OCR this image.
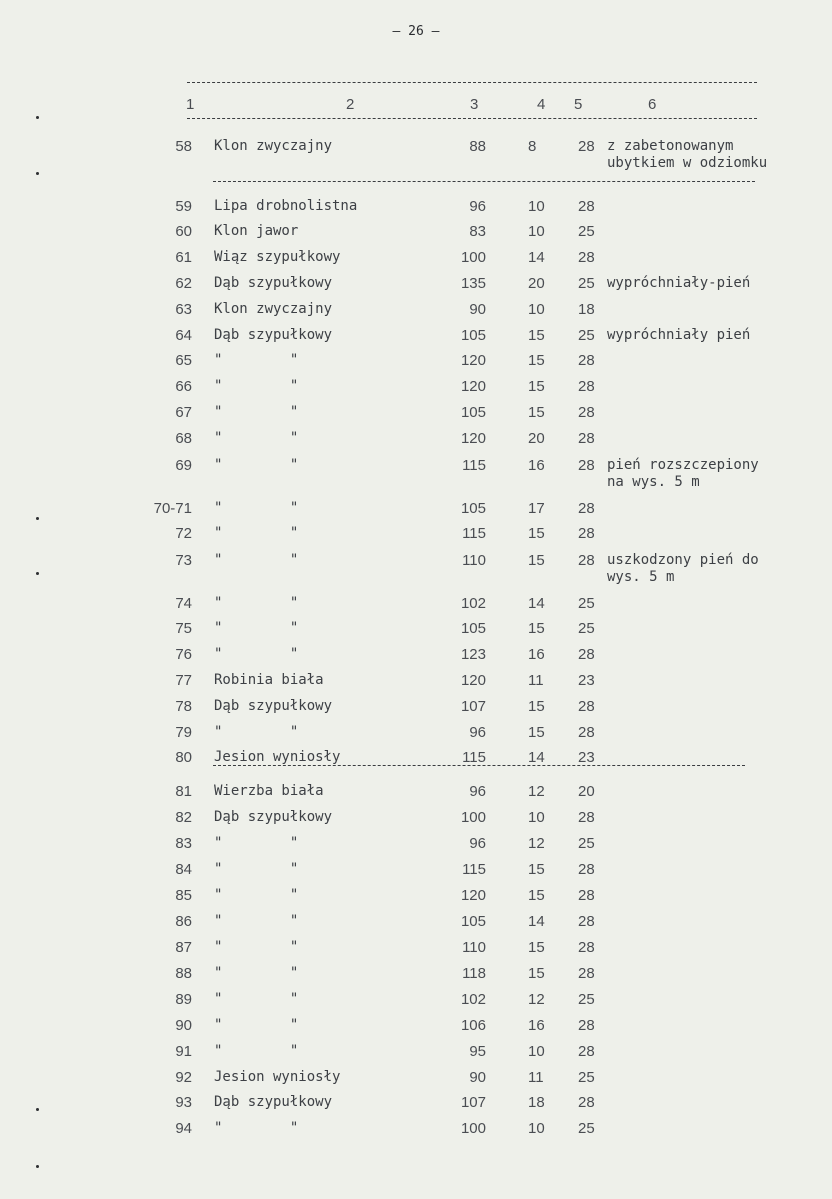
– 26 –
1	2	3	4 5	6
58 Klon zwyczajny	88	8	28 z zabetonowanym
ubytkiem w odziomku
59 Lipa drobnolistna	96	10 28
60 Klon jawor	83	10 25
61 Wiąz szypułkowy	100	14 28
62 Dąb szypułkowy	135	20 25 wypróchniały-pień
63 Klon zwyczajny	90	10 18
64 Dąb szypułkowy	105	15 25 wypróchniały pień
65 "        "	120	15 28
66 "        "	120	15 28
67 "        "	105	15 28
68 "        "	120	20 28
69 "        "	115	16 28 pień rozszczepiony
na wys. 5 m
70-71 "        "	105	17 28
72 "        "	115	15 28
73 "        "	110	15 28 uszkodzony pień do
wys. 5 m
74 "        "	102	14 25
75 "        "	105	15 25
76 "        "	123	16 28
77 Robinia biała	120	11 23
78 Dąb szypułkowy	107	15 28
79 "        "	96	15 28
80 Jesion wyniosły	115	14 23
81 Wierzba biała	96	12 20
82 Dąb szypułkowy	100	10 28
83 "        "	96	12 25
84 "        "	115	15 28
85 "        "	120	15 28
86 "        "	105	14 28
87 "        "	110	15 28
88 "        "	118	15 28
89 "        "	102	12 25
90 "        "	106	16 28
91 "        "	95	10 28
92 Jesion wyniosły	90	11 25
93 Dąb szypułkowy	107	18 28
94 "        "	100	10 25
